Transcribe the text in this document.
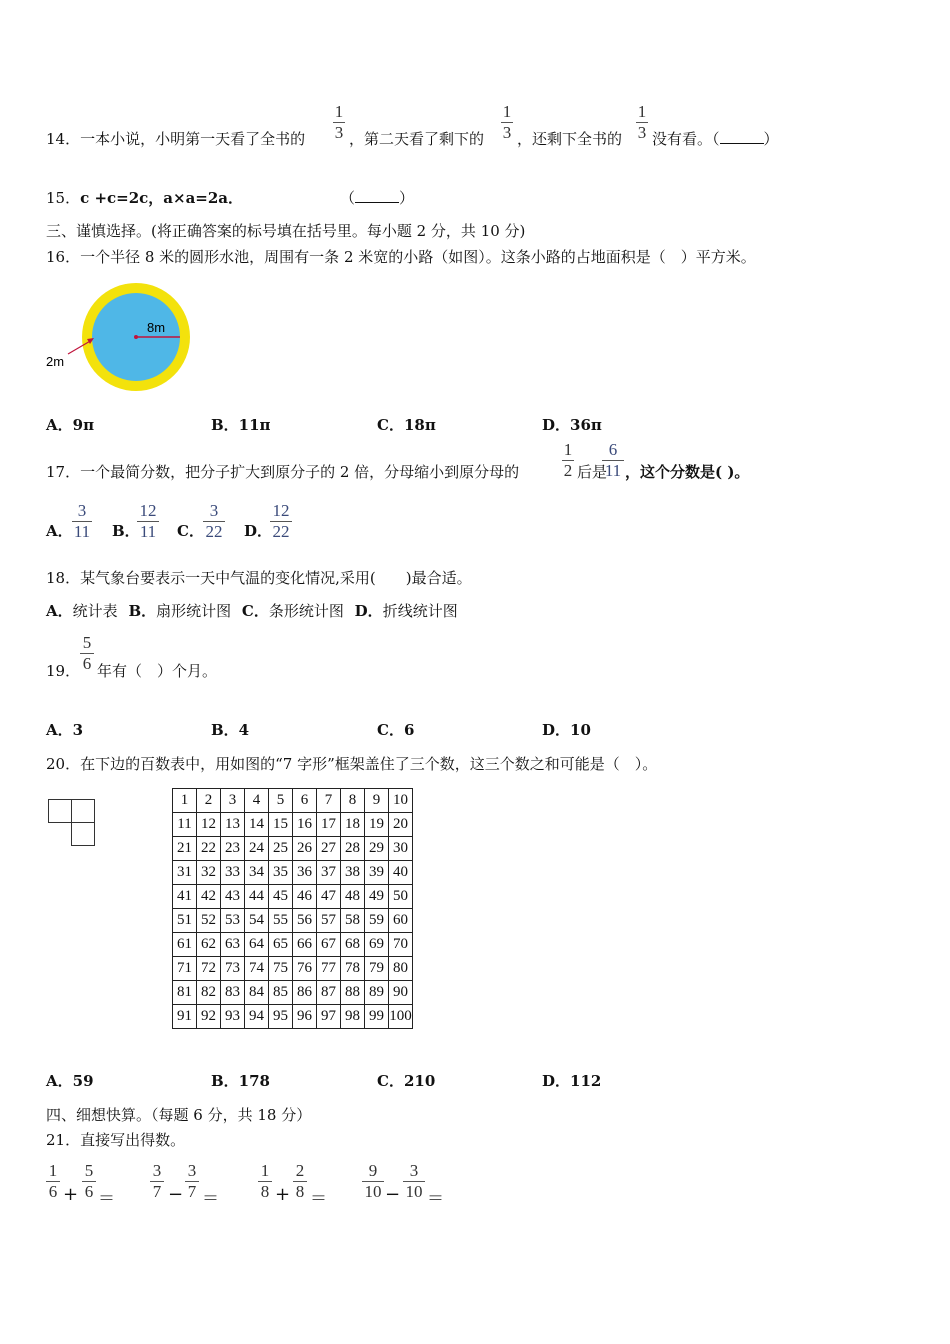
14．一本小说，小明第一天看了全书的
1
3 ，第二天看了剩下的
1
3 ，还剩下全书的
1
3 没有看。（	）
15．c +c=2c，a×a=2a．	（	）
三、谨慎选择。(将正确答案的标号填在括号里。每小题 2 分，共 10 分)
16．一个半径 8 米的圆形水池，周围有一条 2 米宽的小路（如图）。这条小路的占地面积是（　）平方米。
8m
2m
A．9π	B．11π	C．18π	D．36π
17．一个最简分数，把分子扩大到原分子的 2 倍，分母缩小到原分母的
1
2 后是
6
11 ，这个分数是( )。
A．
3
11 B．
12
11 C．
3
22 D．
12
22
18．某气象台要表示一天中气温的变化情况,采用(　　)最合适。
A．统计表 B．扇形统计图 C．条形统计图 D．折线统计图
19．
5
6 年有（　）个月。
A．3	B．4	C．6	D．10
20．在下边的百数表中，用如图的“7 字形”框架盖住了三个数，这三个数之和可能是（　）。
1	2	3	4	5	6	7	8	9	10
11	12	13	14	15	16	17	18	19	20
21	22	23	24	25	26	27	28	29	30
31	32	33	34	35	36	37	38	39	40
41	42	43	44	45	46	47	48	49	50
51	52	53	54	55	56	57	58	59	60
61	62	63	64	65	66	67	68	69	70
71	72	73	74	75	76	77	78	79	80
81	82	83	84	85	86	87	88	89	90
91	92	93	94	95	96	97	98	99	100
A．59	B．178	C．210	D．112
四、细想快算。（每题 6 分，共 18 分）
21．直接写出得数。
1
6 +
5
6 ＝
3
7 −
3
7 ＝
1
8 +
2
8 ＝
9
10 −
3
10 ＝
